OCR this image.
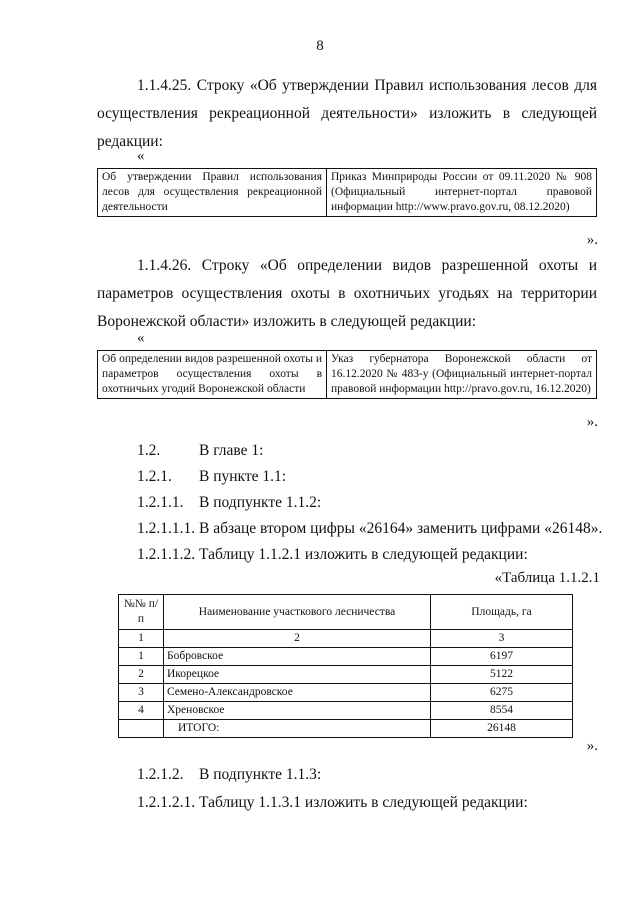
8
1.1.4.25. Строку «Об утверждении Правил использования лесов для осуществления рекреационной деятельности» изложить в следующей редакции:
«
Об утверждении Правил использования лесов для осуществления рекреационной деятельности	Приказ Минприроды России от 09.11.2020 № 908 (Официальный интернет-портал правовой информации http://www.pravo.gov.ru, 08.12.2020)
».
1.1.4.26. Строку «Об определении видов разрешенной охоты и параметров осуществления охоты в охотничьих угодьях на территории Воронежской области» изложить в следующей редакции:
«
Об определении видов разрешенной охоты и параметров осуществления охоты в охотничьих угодий Воронежской области	Указ губернатора Воронежской области от 16.12.2020 № 483-у (Официальный интернет-портал правовой информации http://pravo.gov.ru, 16.12.2020)
».
1.2.	В главе 1:
1.2.1. В пункте 1.1:
1.2.1.1. В подпункте 1.1.2:
1.2.1.1.1. В абзаце втором цифры «26164» заменить цифрами «26148».
1.2.1.1.2. Таблицу 1.1.2.1 изложить в следующей редакции:
«Таблица 1.1.2.1
№№ п/п	Наименование участкового лесничества	Площадь, га
1	2	3
1	Бобровское	6197
2	Икорецкое	5122
3	Семено-Александровское	6275
4	Хреновское	8554
	ИТОГО:	26148
».
1.2.1.2. В подпункте 1.1.3:
1.2.1.2.1. Таблицу 1.1.3.1 изложить в следующей редакции:
